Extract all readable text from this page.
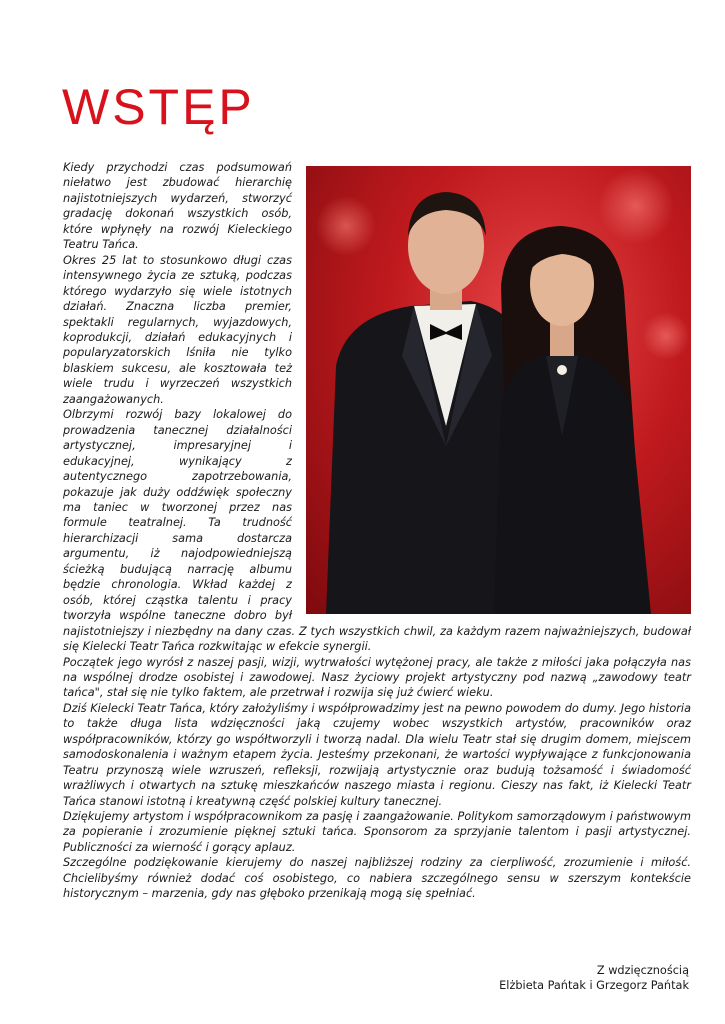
WSTĘP

Kiedy przychodzi czas podsumowań niełatwo jest zbudować hierarchię najistotniejszych wydarzeń, stworzyć gradację dokonań wszystkich osób, które wpłynęły na rozwój Kieleckiego Teatru Tańca.

Okres 25 lat to stosunkowo długi czas intensywnego życia ze sztuką, podczas którego wydarzyło się wiele istotnych działań. Znaczna liczba premier, spektakli regularnych, wyjazdowych, koprodukcji, działań edukacyjnych i popularyzatorskich lśniła nie tylko blaskiem sukcesu, ale kosztowała też wiele trudu i wyrzeczeń wszystkich zaangażowanych.

Olbrzymi rozwój bazy lokalowej do prowadzenia tanecznej działalności artystycznej, impresaryjnej i edukacyjnej, wynikający z autentycznego zapotrzebowania, pokazuje jak duży oddźwięk społeczny ma taniec w tworzonej przez nas formule teatralnej. Ta trudność hierarchizacji sama dostarcza argumentu, iż najodpowiedniejszą ścieżką budującą narrację albumu będzie chronologia. Wkład każdej z osób, której cząstka talentu i pracy tworzyła wspólne taneczne dobro był najistotniejszy i niezbędny na dany czas. Z tych wszystkich chwil, za każdym razem najważniejszych, budował się Kielecki Teatr Tańca rozkwitając w efekcie synergii.

Początek jego wyrósł z naszej pasji, wizji, wytrwałości wytężonej pracy, ale także z miłości jaka połączyła nas na wspólnej drodze osobistej i zawodowej. Nasz życiowy projekt artystyczny pod nazwą „zawodowy teatr tańca", stał się nie tylko faktem, ale przetrwał i rozwija się już ćwierć wieku.

Dziś Kielecki Teatr Tańca, który założyliśmy i współprowadzimy jest na pewno powodem do dumy. Jego historia to także długa lista wdzięczności jaką czujemy wobec wszystkich artystów, pracowników oraz współpracowników, którzy go współtworzyli i tworzą nadal. Dla wielu Teatr stał się drugim domem, miejscem samodoskonalenia i ważnym etapem życia. Jesteśmy przekonani, że wartości wypływające z funkcjonowania Teatru przynoszą wiele wzruszeń, refleksji, rozwijają artystycznie oraz budują tożsamość i świadomość wrażliwych i otwartych na sztukę mieszkańców naszego miasta i regionu. Cieszy nas fakt, iż Kielecki Teatr Tańca stanowi istotną i kreatywną część polskiej kultury tanecznej.

Dziękujemy artystom i współpracownikom za pasję i zaangażowanie. Politykom samorządowym i państwowym za popieranie i zrozumienie pięknej sztuki tańca. Sponsorom za sprzyjanie talentom i pasji artystycznej. Publiczności za wierność i gorący aplauz.

Szczególne podziękowanie kierujemy do naszej najbliższej rodziny za cierpliwość, zrozumienie i miłość. Chcielibyśmy również dodać coś osobistego, co nabiera szczególnego sensu w szerszym kontekście historycznym – marzenia, gdy nas głęboko przenikają mogą się spełniać.

Z wdzięcznością
Elżbieta Pańtak i Grzegorz Pańtak
